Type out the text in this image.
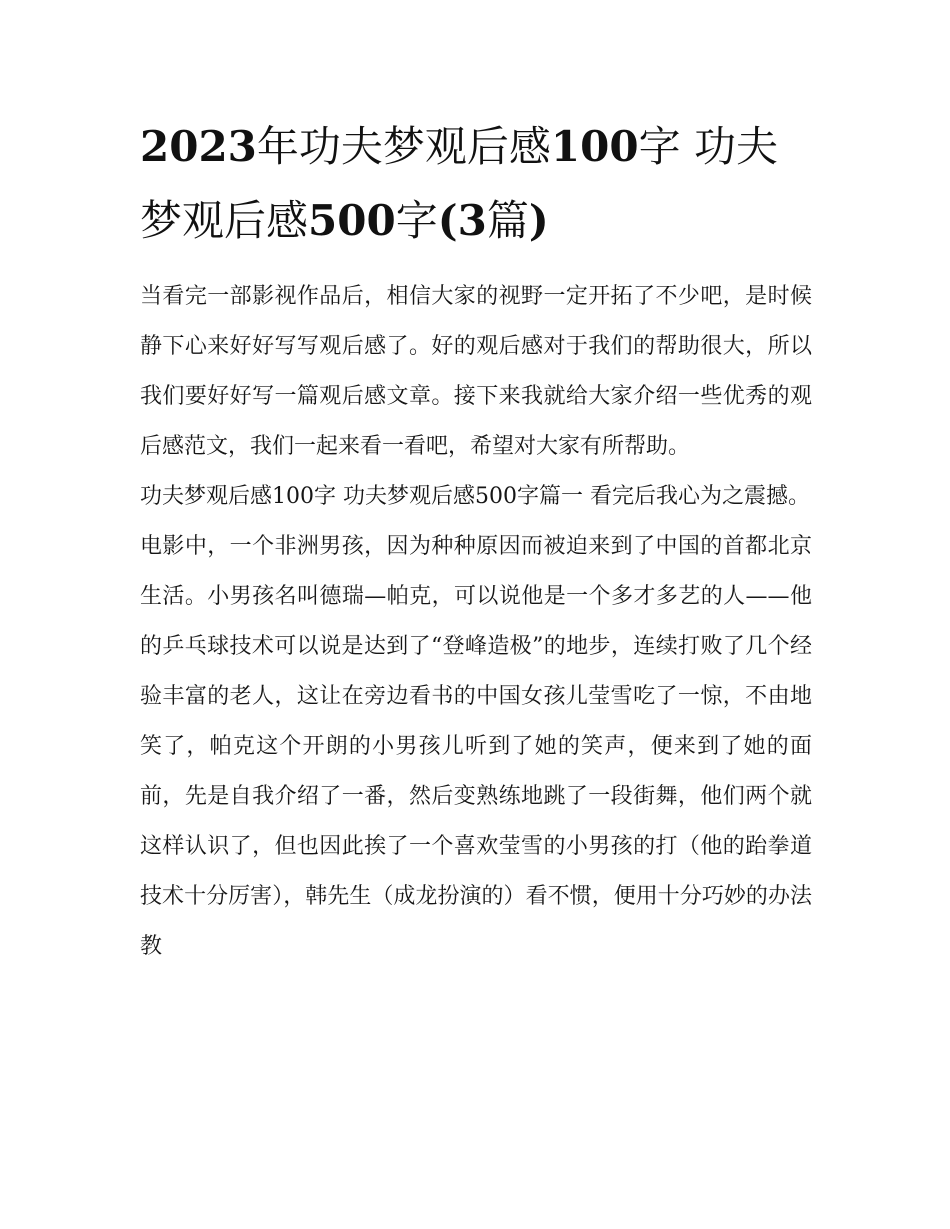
2023年功夫梦观后感100字 功夫梦观后感500字(3篇)

当看完一部影视作品后，相信大家的视野一定开拓了不少吧，是时候静下心来好好写写观后感了。好的观后感对于我们的帮助很大，所以我们要好好写一篇观后感文章。接下来我就给大家介绍一些优秀的观后感范文，我们一起来看一看吧，希望对大家有所帮助。

功夫梦观后感100字 功夫梦观后感500字篇一 看完后我心为之震撼。

电影中，一个非洲男孩，因为种种原因而被迫来到了中国的首都北京生活。小男孩名叫德瑞—帕克，可以说他是一个多才多艺的人——他的乒乓球技术可以说是达到了“登峰造极”的地步，连续打败了几个经验丰富的老人，这让在旁边看书的中国女孩儿莹雪吃了一惊，不由地笑了，帕克这个开朗的小男孩儿听到了她的笑声，便来到了她的面前，先是自我介绍了一番，然后变熟练地跳了一段街舞，他们两个就这样认识了，但也因此挨了一个喜欢莹雪的小男孩的打（他的跆拳道技术十分厉害），韩先生（成龙扮演的）看不惯，便用十分巧妙的办法教
